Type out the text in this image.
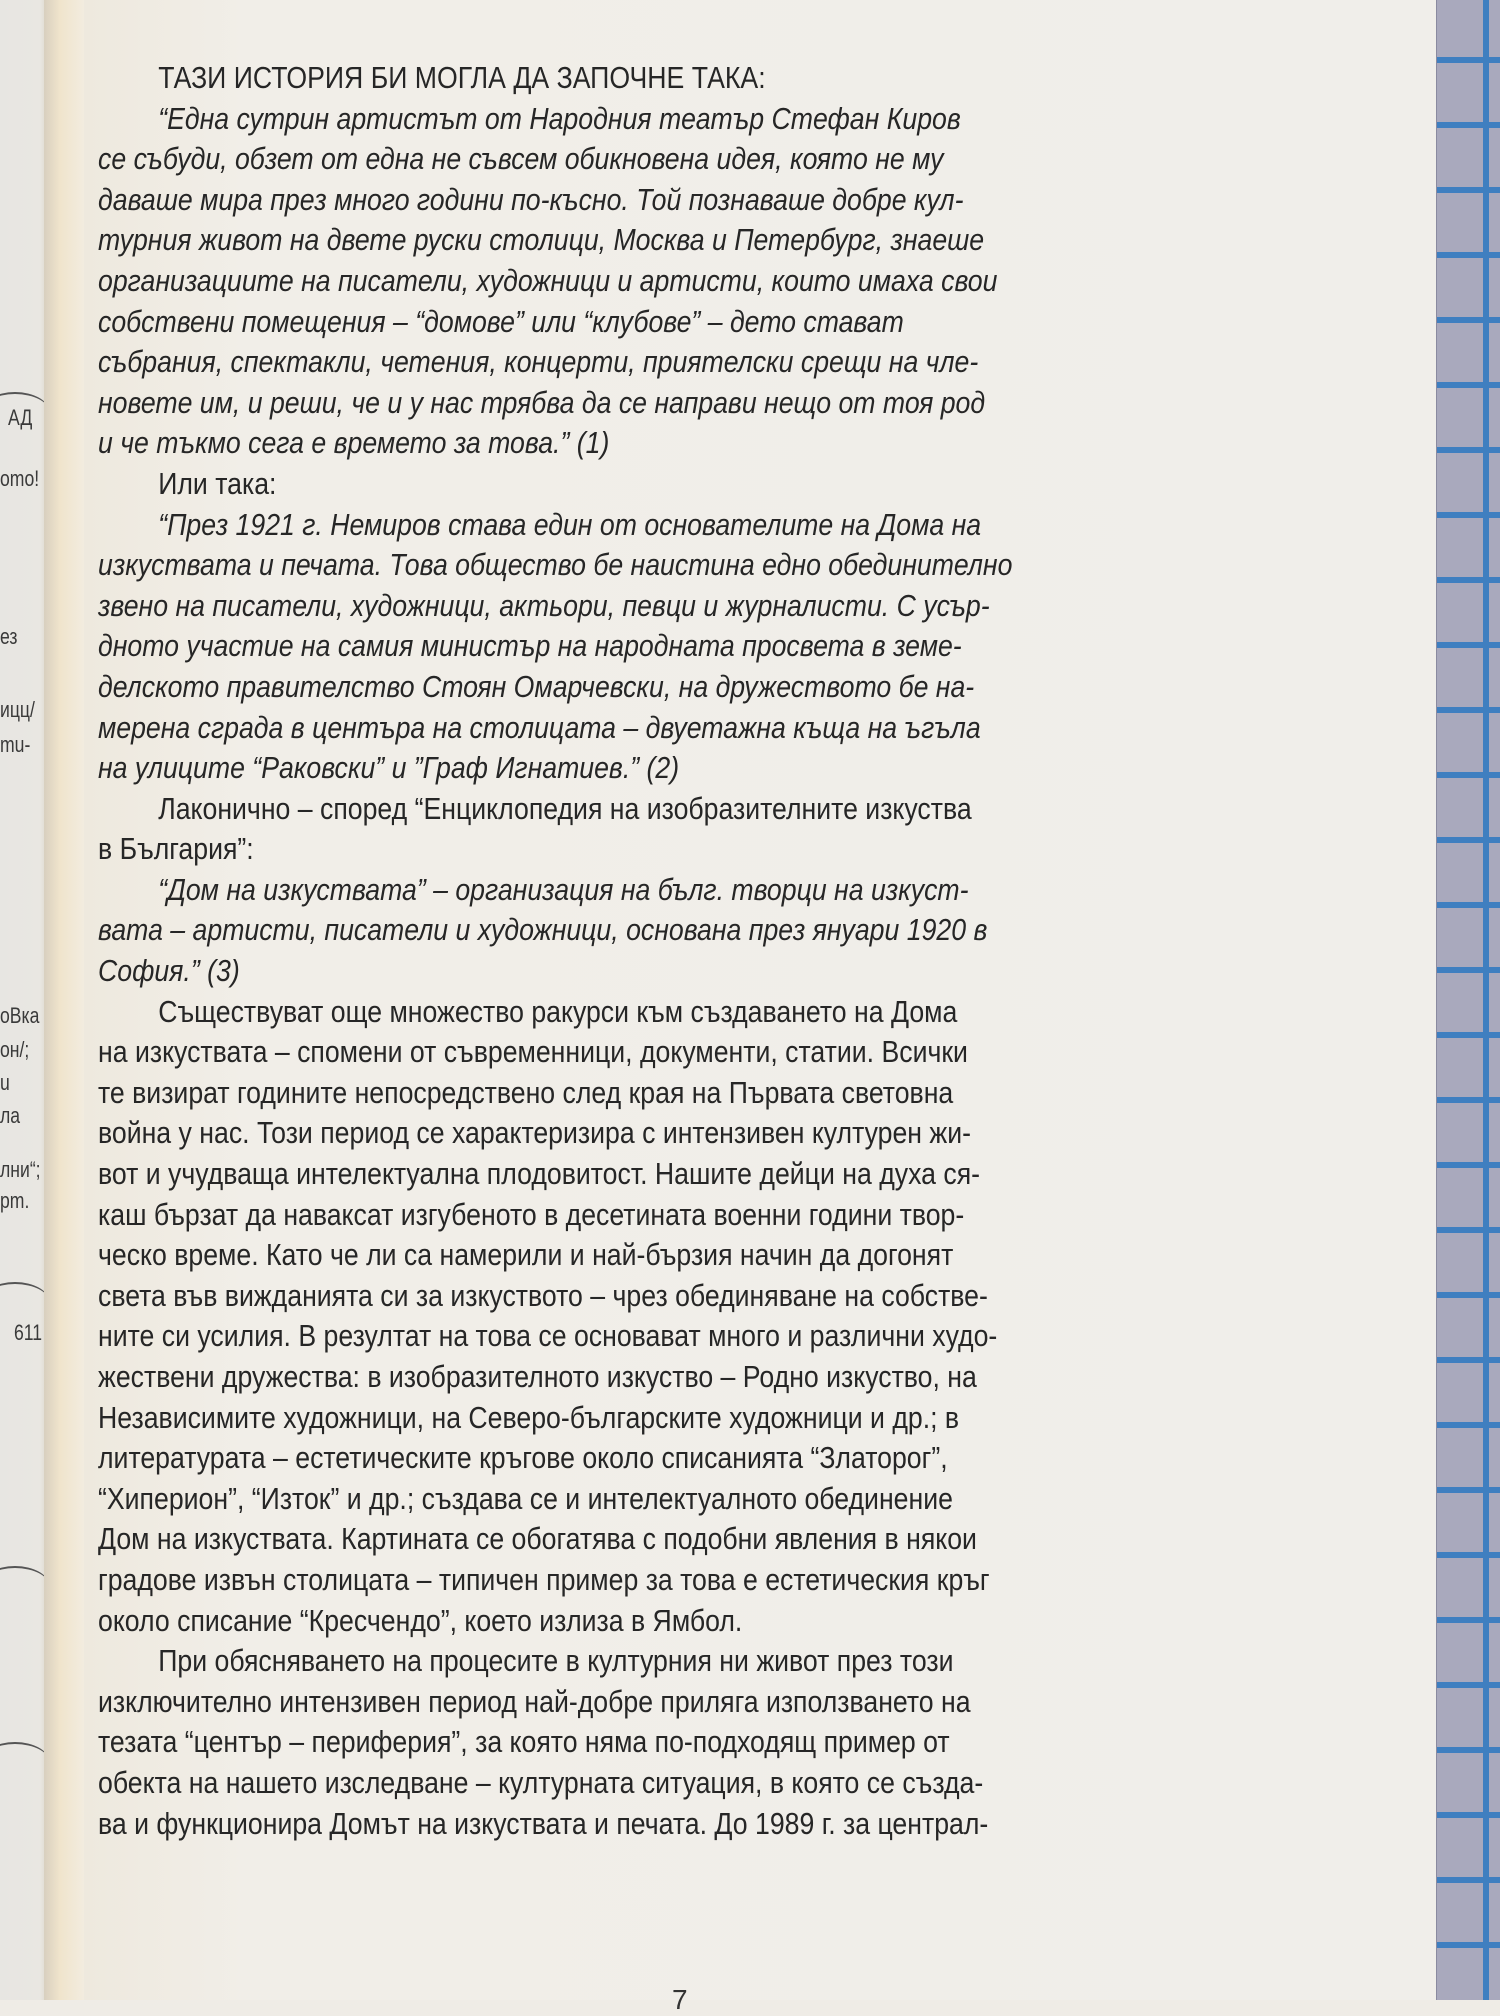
АД
omo!
ез
ицц/
mu-
оВка
он/;
u
ла
лни“;
pm.
611
ТАЗИ ИСТОРИЯ БИ МОГЛА ДА ЗАПОЧНЕ ТАКА:
“Една сутрин артистът от Народния театър Стефан Киров
се събуди, обзет от една не съвсем обикновена идея, която не му
даваше мира през много години по-късно. Той познаваше добре кул-
турния живот на двете руски столици, Москва и Петербург, знаеше
организациите на писатели, художници и артисти, които имаха свои
собствени помещения – “домове” или “клубове” – дето стават
събрания, спектакли, четения, концерти, приятелски срещи на чле-
новете им, и реши, че и у нас трябва да се направи нещо от тоя род
и че тъкмо сега е времето за това.” (1)
Или така:
“През 1921 г. Немиров става един от основателите на Дома на
изкуствата и печата. Това общество бе наистина едно обединително
звено на писатели, художници, актьори, певци и журналисти. С усър-
дното участие на самия министър на народната просвета в земе-
делското правителство Стоян Омарчевски, на дружеството бе на-
мерена сграда в центъра на столицата – двуетажна къща на ъгъла
на улиците “Раковски” и ”Граф Игнатиев.” (2)
Лаконично – според “Енциклопедия на изобразителните изкуства
в България”:
“Дом на изкуствата” – организация на бълг. творци на изкуст-
вата – артисти, писатели и художници, основана през януари 1920 в
София.” (3)
Съществуват още множество ракурси към създаването на Дома
на изкуствата – спомени от съвременници, документи, статии. Всички
те визират годините непосредствено след края на Първата световна
война у нас. Този период се характеризира с интензивен културен жи-
вот и учудваща интелектуална плодовитост. Нашите дейци на духа ся-
каш бързат да наваксат изгубеното в десетината военни години твор-
ческо време. Като че ли са намерили и най-бързия начин да догонят
света във вижданията си за изкуството – чрез обединяване на собстве-
ните си усилия. В резултат на това се основават много и различни худо-
жествени дружества: в изобразителното изкуство – Родно изкуство, на
Независимите художници, на Северо-българските художници и др.; в
литературата – естетическите кръгове около списанията “Златорог”,
“Хиперион”, “Изток” и др.; създава се и интелектуалното обединение
Дом на изкуствата. Картината се обогатява с подобни явления в някои
градове извън столицата – типичен пример за това е естетическия кръг
около списание “Кресчендо”, което излиза в Ямбол.
При обясняването на процесите в културния ни живот през този
изключително интензивен период най-добре приляга използването на
тезата “център – периферия”, за която няма по-подходящ пример от
обекта на нашето изследване – културната ситуация, в която се създа-
ва и функционира Домът на изкуствата и печата. До 1989 г. за централ-
7
